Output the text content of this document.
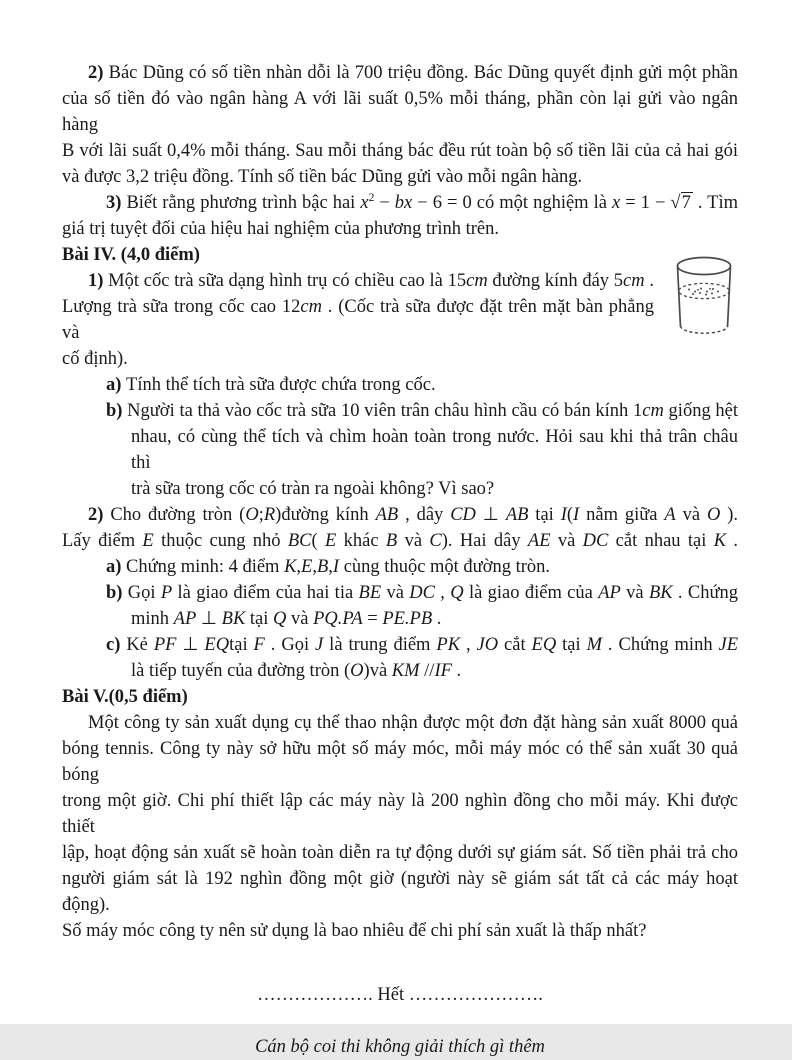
2) Bác Dũng có số tiền nhàn dỗi là 700 triệu đồng. Bác Dũng quyết định gửi một phần
của số tiền đó vào ngân hàng A với lãi suất 0,5% mỗi tháng, phần còn lại gửi vào ngân hàng
B với lãi suất 0,4% mỗi tháng. Sau mỗi tháng bác đều rút toàn bộ số tiền lãi của cả hai gói
và được 3,2 triệu đồng. Tính số tiền bác Dũng gửi vào mỗi ngân hàng.
3) Biết rằng phương trình bậc hai $x^2$ − bx − 6 = 0 có một nghiệm là x = 1 − √7 . Tìm
giá trị tuyệt đối của hiệu hai nghiệm của phương trình trên.
Bài IV. (4,0 điểm)
1) Một cốc trà sữa dạng hình trụ có chiều cao là 15cm đường kính đáy 5cm .
Lượng trà sữa trong cốc cao 12cm . (Cốc trà sữa được đặt trên mặt bàn phẳng và
cố định).
a) Tính thể tích trà sữa được chứa trong cốc.
b) Người ta thả vào cốc trà sữa 10 viên trân châu hình cầu có bán kính 1cm giống hệt
nhau, có cùng thể tích và chìm hoàn toàn trong nước. Hỏi sau khi thả trân châu thì
trà sữa trong cốc có tràn ra ngoài không? Vì sao?
2) Cho đường tròn (O;R)đường kính AB , dây CD ⊥ AB tại I(I nằm giữa A và O ).
Lấy điểm E thuộc cung nhỏ BC( E khác B và C). Hai dây AE và DC cắt nhau tại K .
a) Chứng minh: 4 điểm K,E,B,I cùng thuộc một đường tròn.
b) Gọi P là giao điểm của hai tia BE và DC , Q là giao điểm của AP và BK . Chứng
minh AP ⊥ BK tại Q và PQ.PA = PE.PB .
c) Kẻ PF ⊥ EQtại F . Gọi J là trung điểm PK , JO cắt EQ tại M . Chứng minh JE
là tiếp tuyến của đường tròn (O)và KM //IF .
Bài V.(0,5 điểm)
Một công ty sản xuất dụng cụ thể thao nhận được một đơn đặt hàng sản xuất 8000 quả
bóng tennis. Công ty này sở hữu một số máy móc, mỗi máy móc có thể sản xuất 30 quả bóng
trong một giờ. Chi phí thiết lập các máy này là 200 nghìn đồng cho mỗi máy. Khi được thiết
lập, hoạt động sản xuất sẽ hoàn toàn diễn ra tự động dưới sự giám sát. Số tiền phải trả cho
người giám sát là 192 nghìn đồng một giờ (người này sẽ giám sát tất cả các máy hoạt động).
Số máy móc công ty nên sử dụng là bao nhiêu để chi phí sản xuất là thấp nhất?
………………. Hết ………………….
Cán bộ coi thi không giải thích gì thêm
